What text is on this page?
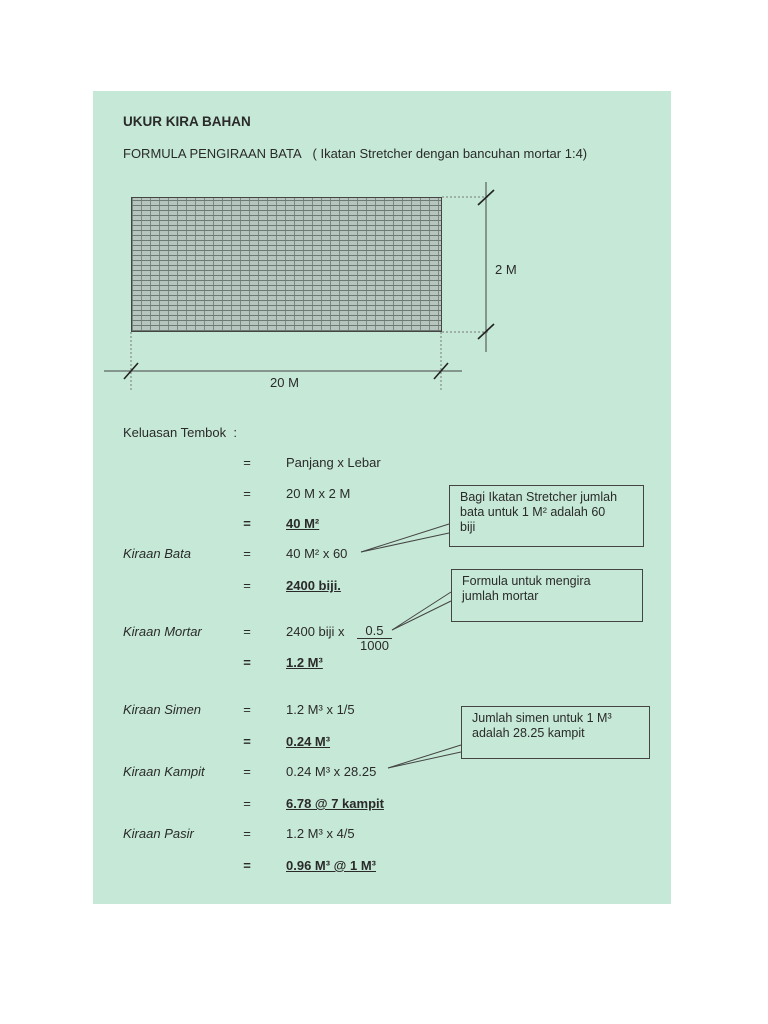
UKUR KIRA BAHAN
FORMULA PENGIRAAN BATA ( Ikatan Stretcher dengan bancuhan mortar 1:4)
2 M
20 M
Keluasan Tembok :
=	Panjang x Lebar
=	20 M x 2 M
=	40 M²
Kiraan Bata	=	40 M² x 60
=	2400 biji.
Kiraan Mortar	=	2400 biji x $\frac{0.5}{1000}$
=	1.2 M³
Kiraan Simen	=	1.2 M³ x 1/5
=	0.24 M³
Kiraan Kampit	=	0.24 M³ x 28.25
=	6.78 @ 7 kampit
Kiraan Pasir	=	1.2 M³ x 4/5
=	0.96 M³ @ 1 M³
Bagi Ikatan Stretcher jumlah
bata untuk 1 M² adalah 60
biji
Formula untuk mengira
jumlah mortar
Jumlah simen untuk 1 M³
adalah 28.25 kampit
